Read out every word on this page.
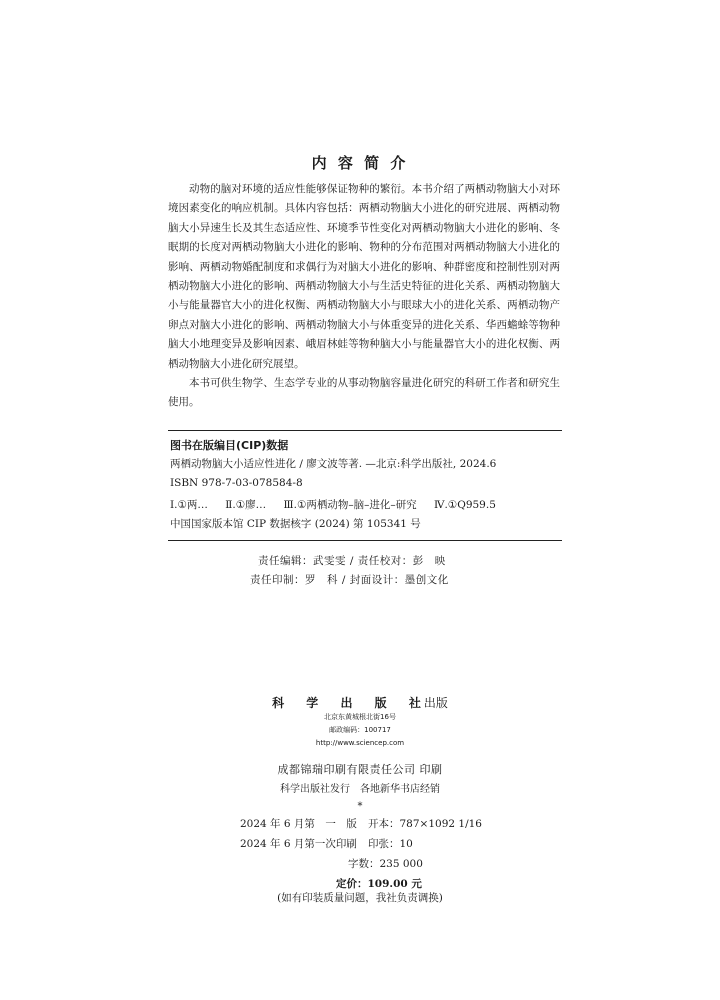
内 容 简 介

动物的脑对环境的适应性能够保证物种的繁衍。本书介绍了两栖动物脑大小对环境因素变化的响应机制。具体内容包括：两栖动物脑大小进化的研究进展、两栖动物脑大小异速生长及其生态适应性、环境季节性变化对两栖动物脑大小进化的影响、冬眠期的长度对两栖动物脑大小进化的影响、物种的分布范围对两栖动物脑大小进化的影响、两栖动物婚配制度和求偶行为对脑大小进化的影响、种群密度和控制性别对两栖动物脑大小进化的影响、两栖动物脑大小与生活史特征的进化关系、两栖动物脑大小与能量器官大小的进化权衡、两栖动物脑大小与眼球大小的进化关系、两栖动物产卵点对脑大小进化的影响、两栖动物脑大小与体重变异的进化关系、华西蟾蜍等物种脑大小地理变异及影响因素、峨眉林蛙等物种脑大小与能量器官大小的进化权衡、两栖动物脑大小进化研究展望。

本书可供生物学、生态学专业的从事动物脑容量进化研究的科研工作者和研究生使用。

图书在版编目(CIP)数据
两栖动物脑大小适应性进化 / 廖文波等著. —北京:科学出版社, 2024.6
ISBN 978-7-03-078584-8
Ⅰ.①两… Ⅱ.①廖… Ⅲ.①两栖动物–脑–进化–研究 Ⅳ.①Q959.5
中国国家版本馆 CIP 数据核字 (2024) 第 105341 号
责任编辑：武雯雯 / 责任校对：彭　映
责任印制：罗　科 / 封面设计：墨创文化
科 学 出 版 社出版
北京东黄城根北街16号
邮政编码：100717
http://www.sciencep.com
成都锦瑞印刷有限责任公司 印刷
科学出版社发行　各地新华书店经销
*
2024 年 6 月第　一　版 开本：787×1092 1/16
2024 年 6 月第一次印刷 印张：10
字数：235 000
定价：109.00 元
(如有印装质量问题，我社负责调换)
